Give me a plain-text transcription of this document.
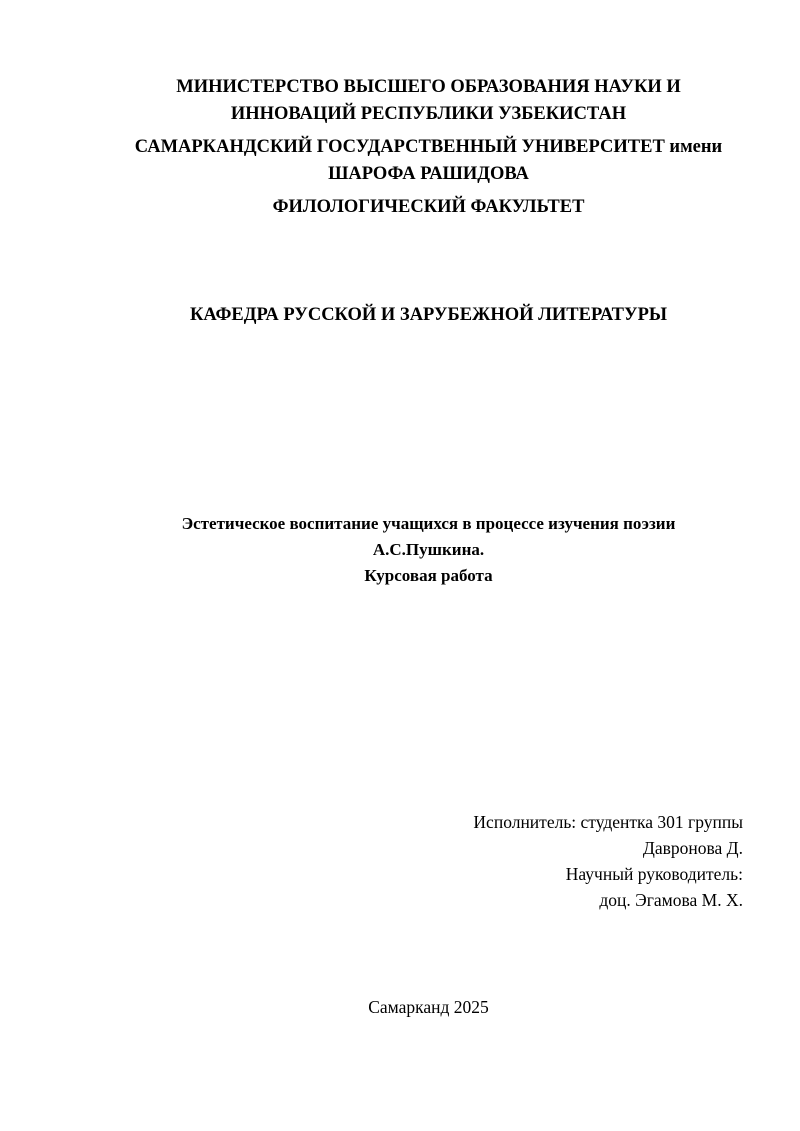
МИНИСТЕРСТВО ВЫСШЕГО ОБРАЗОВАНИЯ НАУКИ И
ИННОВАЦИЙ РЕСПУБЛИКИ УЗБЕКИСТАН
САМАРКАНДСКИЙ ГОСУДАРСТВЕННЫЙ УНИВЕРСИТЕТ имени
ШАРОФА РАШИДОВА
ФИЛОЛОГИЧЕСКИЙ ФАКУЛЬТЕТ
КАФЕДРА РУССКОЙ И ЗАРУБЕЖНОЙ ЛИТЕРАТУРЫ
Эстетическое воспитание учащихся в процессе изучения поэзии
А.С.Пушкина.
Курсовая работа
Исполнитель: студентка 301 группы
Давронова Д.
Научный руководитель:
доц. Эгамова М. Х.
Самарканд 2025
